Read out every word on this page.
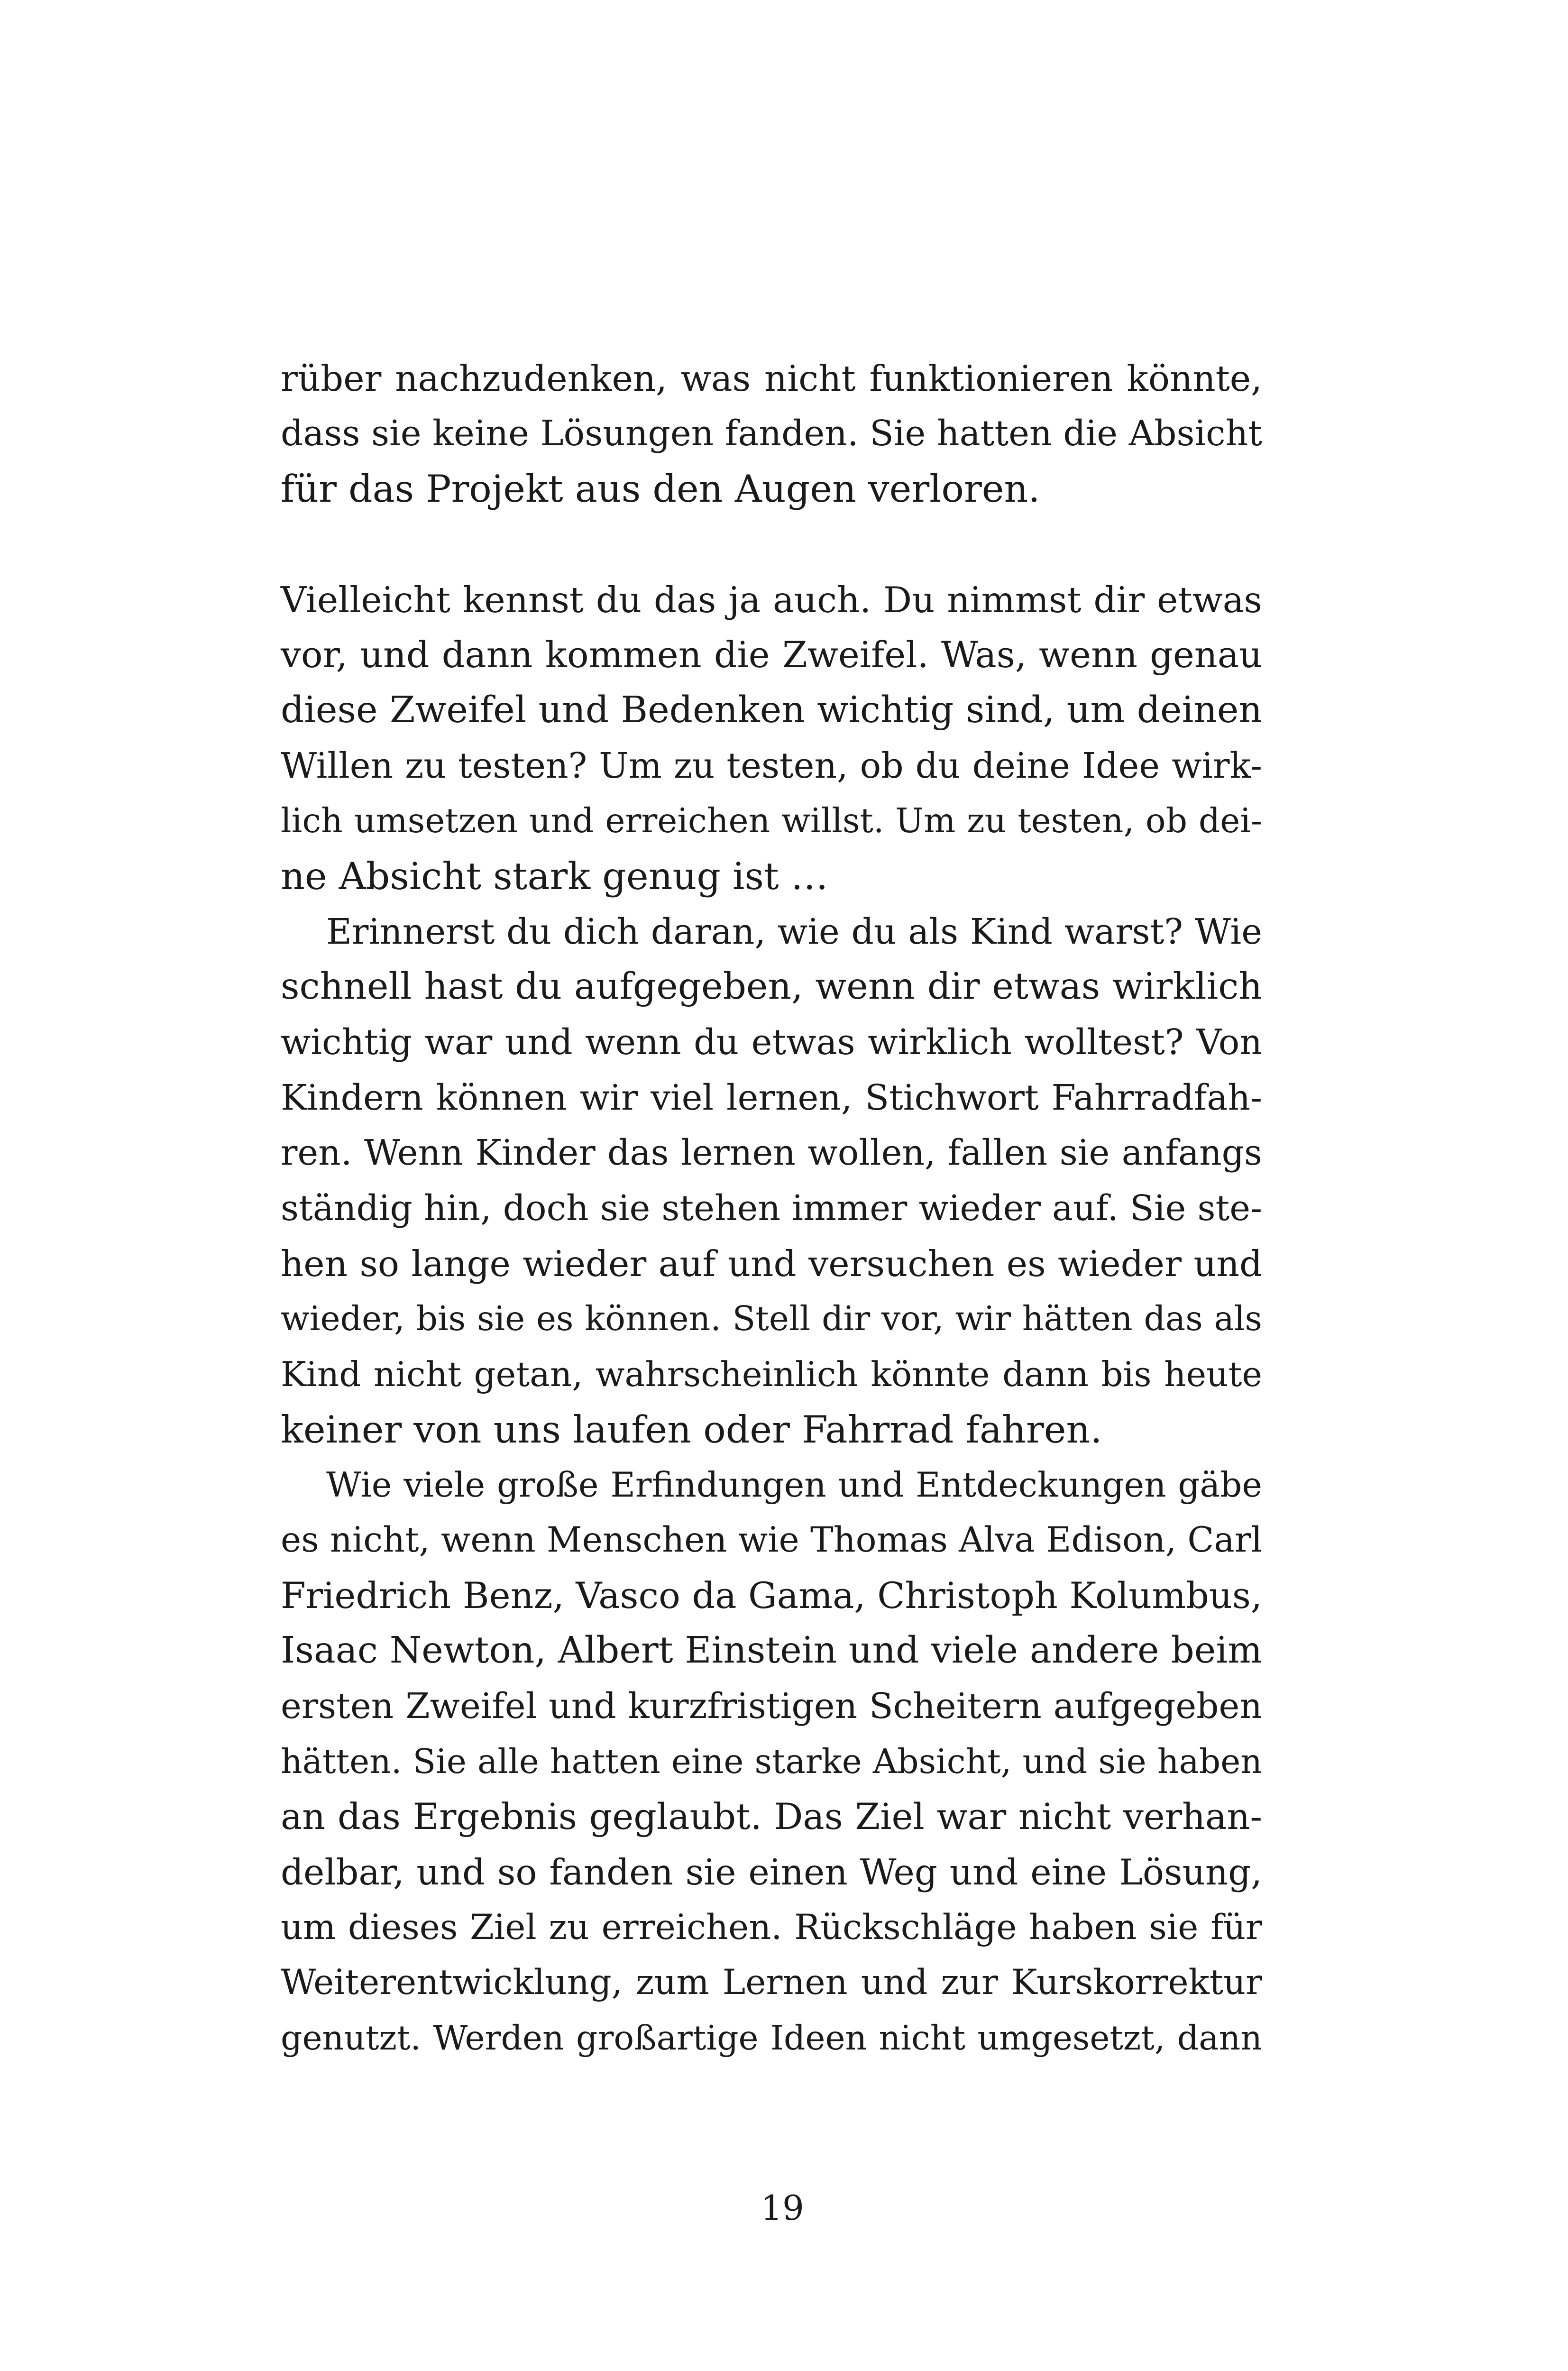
rüber nachzudenken, was nicht funktionieren könnte,
dass sie keine Lösungen fanden. Sie hatten die Absicht
für das Projekt aus den Augen verloren.
Vielleicht kennst du das ja auch. Du nimmst dir etwas
vor, und dann kommen die Zweifel. Was, wenn genau
diese Zweifel und Bedenken wichtig sind, um deinen
Willen zu testen? Um zu testen, ob du deine Idee wirk-
lich umsetzen und erreichen willst. Um zu testen, ob dei-
ne Absicht stark genug ist …
Erinnerst du dich daran, wie du als Kind warst? Wie
schnell hast du aufgegeben, wenn dir etwas wirklich
wichtig war und wenn du etwas wirklich wolltest? Von
Kindern können wir viel lernen, Stichwort Fahrradfah-
ren. Wenn Kinder das lernen wollen, fallen sie anfangs
ständig hin, doch sie stehen immer wieder auf. Sie ste-
hen so lange wieder auf und versuchen es wieder und
wieder, bis sie es können. Stell dir vor, wir hätten das als
Kind nicht getan, wahrscheinlich könnte dann bis heute
keiner von uns laufen oder Fahrrad fahren.
Wie viele große Erfindungen und Entdeckungen gäbe
es nicht, wenn Menschen wie Thomas Alva Edison, Carl
Friedrich Benz, Vasco da Gama, Christoph Kolumbus,
Isaac Newton, Albert Einstein und viele andere beim
ersten Zweifel und kurzfristigen Scheitern aufgegeben
hätten. Sie alle hatten eine starke Absicht, und sie haben
an das Ergebnis geglaubt. Das Ziel war nicht verhan-
delbar, und so fanden sie einen Weg und eine Lösung,
um dieses Ziel zu erreichen. Rückschläge haben sie für
Weiterentwicklung, zum Lernen und zur Kurskorrektur
genutzt. Werden großartige Ideen nicht umgesetzt, dann
19
